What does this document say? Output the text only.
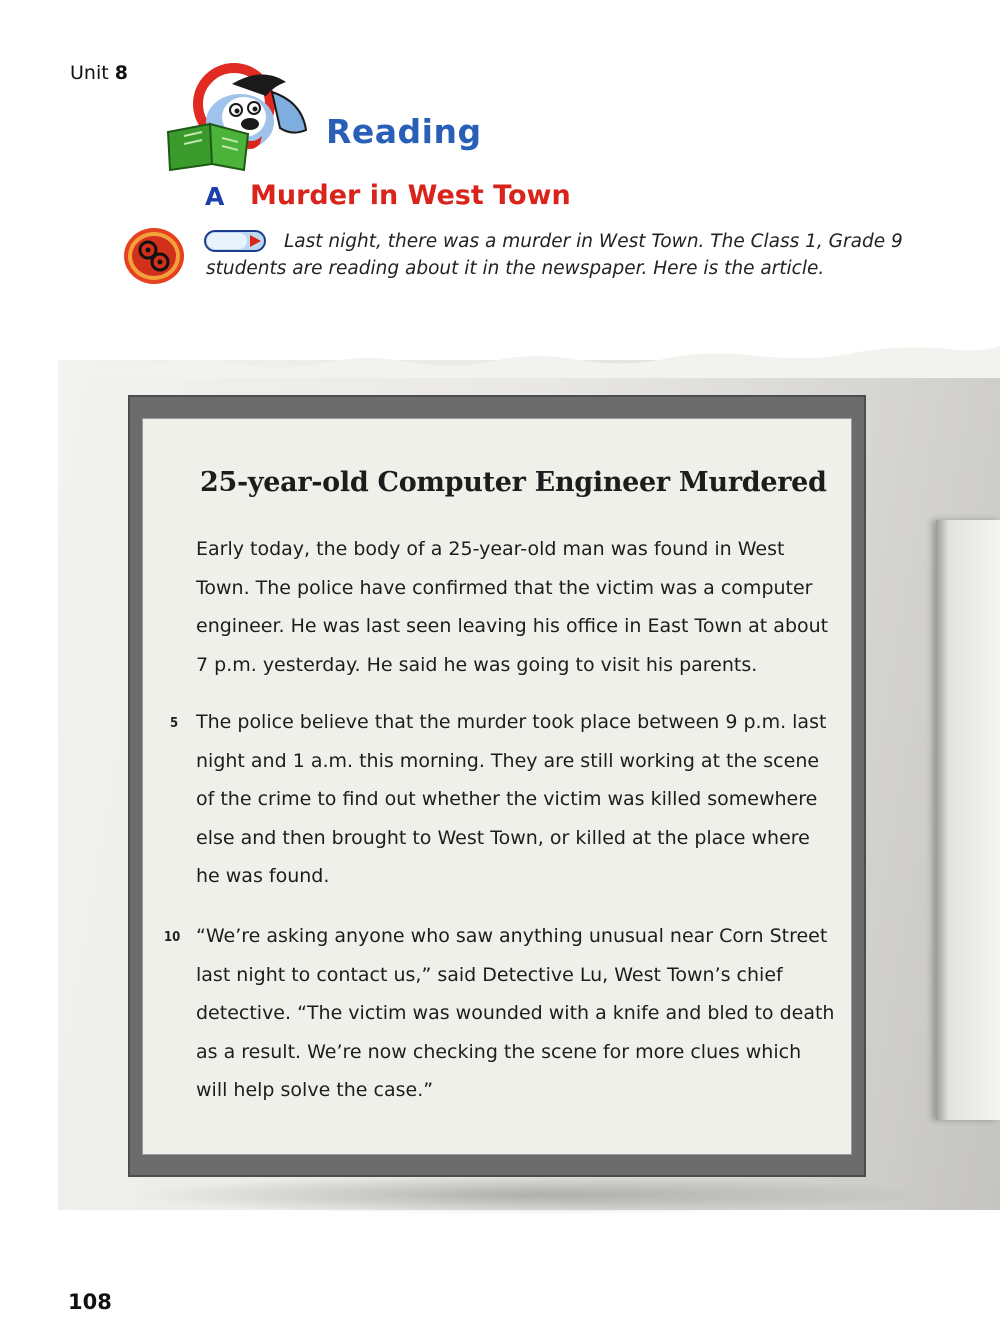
Unit 8
Reading
A Murder in West Town
Last night, there was a murder in West Town. The Class 1, Grade 9 students are reading about it in the newspaper. Here is the article.
25-year-old Computer Engineer Murdered
Early today, the body of a 25-year-old man was found in West Town. The police have confirmed that the victim was a computer engineer. He was last seen leaving his office in East Town at about 7 p.m. yesterday. He said he was going to visit his parents.
5 The police believe that the murder took place between 9 p.m. last night and 1 a.m. this morning. They are still working at the scene of the crime to find out whether the victim was killed somewhere else and then brought to West Town, or killed at the place where he was found.
10 “We’re asking anyone who saw anything unusual near Corn Street last night to contact us,” said Detective Lu, West Town’s chief detective. “The victim was wounded with a knife and bled to death as a result. We’re now checking the scene for more clues which will help solve the case.”
108
